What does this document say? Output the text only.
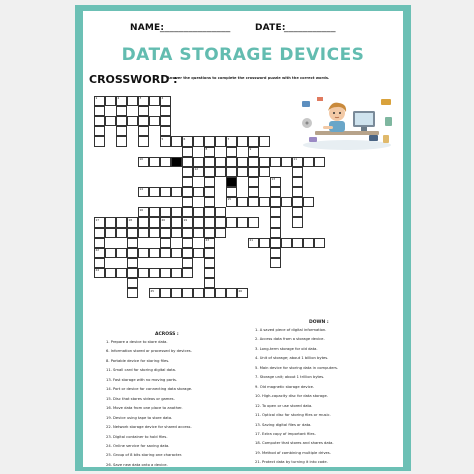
NAME:
_______________	DATE:
___________
DATA STORAGE DEVICES
CROSSWORD :
Answer the questions to complete the crossword puzzle with the correct words.
1	2	3	4
5	6	7
15
10	11
12
8	9
14
13
16
17	18	20	19
22
24
21
23
25	26
ACROSS :
DOWN :
1. Prepare a device to store data.
6. Information stored or processed by devices.
8. Portable device for storing files.
11. Small card for storing digital data.
13. Fast storage with no moving parts.
14. Port or device for connecting data storage.
15. Disc that stores videos or games.
16. Move data from one place to another.
19. Device using tape to store data.
22. Network storage device for shared access.
23. Digital container to hold files.
24. Online service for saving data.
25. Group of 8 bits storing one character.
26. Save new data onto a device.
1. A saved piece of digital information.
2. Access data from a storage device.
3. Long-term storage for old data.
4. Unit of storage; about 1 billion bytes.
5. Main device for storing data in computers.
7. Storage unit; about 1 trillion bytes.
9. Old magnetic storage device.
10. High-capacity disc for data storage.
12. To open or use stored data.
11. Optical disc for storing files or music.
13. Saving digital files or data.
17. Extra copy of important files.
18. Computer that stores and shares data.
19. Method of combining multiple drives.
21. Protect data by turning it into code.
